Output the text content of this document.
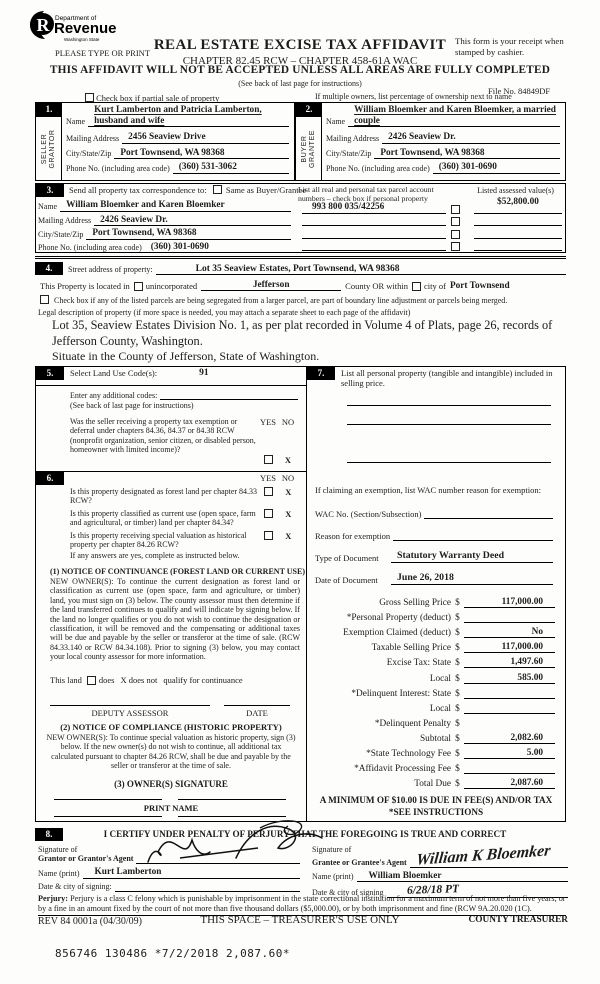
R Department of
Revenue
Washington State
PLEASE TYPE OR PRINT REAL ESTATE EXCISE TAX AFFIDAVIT
CHAPTER 82.45 RCW – CHAPTER 458-61A WAC
This form is your receipt when stamped by cashier.
THIS AFFIDAVIT WILL NOT BE ACCEPTED UNLESS ALL AREAS ARE FULLY COMPLETED
(See back of last page for instructions)
File No. 84849DF
Check box if partial sale of property	If multiple owners, list percentage of ownership next to name
1.
SELLER GRANTOR
Name
Kurt Lamberton and Patricia Lamberton, husband and wife
Mailing Address 2456 Seaview Drive
City/State/Zip Port Townsend, WA 98368
Phone No. (including area code) (360) 531-3062
2.
BUYER GRANTEE
Name
William Bloemker and Karen Bloemker, a married couple
Mailing Address 2426 Seaview Dr.
City/State/Zip Port Townsend, WA 98368
Phone No. (including area code) (360) 301-0690
3.	Send all property tax correspondence to: Same as Buyer/Grantee
List all real and personal tax parcel account numbers – check box if personal property
Listed assessed value(s)
Name William Bloemker and Karen Bloemker
Mailing Address 2426 Seaview Dr.
City/State/Zip Port Townsend, WA 98368
Phone No. (including area code) (360) 301-0690
993 800 035/42256	$52,800.00
4.	Street address of property:	Lot 35 Seaview Estates, Port Townsend, WA 98368
This Property is located in unincorporated	Jefferson	County OR within city of Port Townsend
Check box if any of the listed parcels are being segregated from a larger parcel, are part of boundary line adjustment or parcels being merged.
Legal description of property (if more space is needed, you may attach a separate sheet to each page of the affidavit)
Lot 35, Seaview Estates Division No. 1, as per plat recorded in Volume 4 of Plats, page 26, records of Jefferson County, Washington.
Situate in the County of Jefferson, State of Washington.
5.	Select Land Use Code(s):	91
Enter any additional codes:
(See back of last page for instructions)
Was the seller receiving a property tax exemption or deferral under chapters 84.36, 84.37 or 84.38 RCW (nonprofit organization, senior citizen, or disabled person, homeowner with limited income)?
YES NO
X
6.	YES NO
Is this property designated as forest land per chapter 84.33 RCW?
X
Is this property classified as current use (open space, farm and agricultural, or timber) land per chapter 84.34?
X
Is this property receiving special valuation as historical property per chapter 84.26 RCW?
X
If any answers are yes, complete as instructed below.
(1) NOTICE OF CONTINUANCE (FOREST LAND OR CURRENT USE)
NEW OWNER(S): To continue the current designation as forest land or classification as current use (open space, farm and agriculture, or timber) land, you must sign on (3) below. The county assessor must then determine if the land transferred continues to qualify and will indicate by signing below. If the land no longer qualifies or you do not wish to continue the designation or classification, it will be removed and the compensating or additional taxes will be due and payable by the seller or transferor at the time of sale. (RCW 84.33.140 or RCW 84.34.108). Prior to signing (3) below, you may contact your local county assessor for more information.
This land does X does not qualify for continuance
DEPUTY ASSESSOR	DATE
(2) NOTICE OF COMPLIANCE (HISTORIC PROPERTY)
NEW OWNER(S): To continue special valuation as historic property, sign (3) below. If the new owner(s) do not wish to continue, all additional tax calculated pursuant to chapter 84.26 RCW, shall be due and payable by the seller or transferor at the time of sale.
(3) OWNER(S) SIGNATURE
PRINT NAME
7.	List all personal property (tangible and intangible) included in selling price.
If claiming an exemption, list WAC number reason for exemption:
WAC No. (Section/Subsection)
Reason for exemption
Type of Document	Statutory Warranty Deed
Date of Document	June 26, 2018
Gross Selling Price $	117,000.00
*Personal Property (deduct) $
Exemption Claimed (deduct) $	No
Taxable Selling Price $	117,000.00
Excise Tax: State $	1,497.60
Local $	585.00
*Delinquent Interest: State $
Local $
*Delinquent Penalty $
Subtotal $	2,082.60
*State Technology Fee $	5.00
*Affidavit Processing Fee $
Total Due $	2,087.60
A MINIMUM OF $10.00 IS DUE IN FEE(S) AND/OR TAX
*SEE INSTRUCTIONS
8.	I CERTIFY UNDER PENALTY OF PERJURY THAT THE FOREGOING IS TRUE AND CORRECT
Signature of
Grantor or Grantor's Agent
Name (print)	Kurt Lamberton
Date & city of signing:
Signature of
Grantee or Grantee's Agent William K Bloemker
Name (print)	William Bloemker
Date & city of signing	6/28/18 PT
Perjury: Perjury is a class C felony which is punishable by imprisonment in the state correctional institution for a maximum term of not more than five years, or by a fine in an amount fixed by the court of not more than five thousand dollars ($5,000.00), or by both imprisonment and fine (RCW 9A.20.020 (1C).
REV 84 0001a (04/30/09)	THIS SPACE – TREASURER'S USE ONLY	COUNTY TREASURER
856746 130486 *7/2/2018 2,087.60*
